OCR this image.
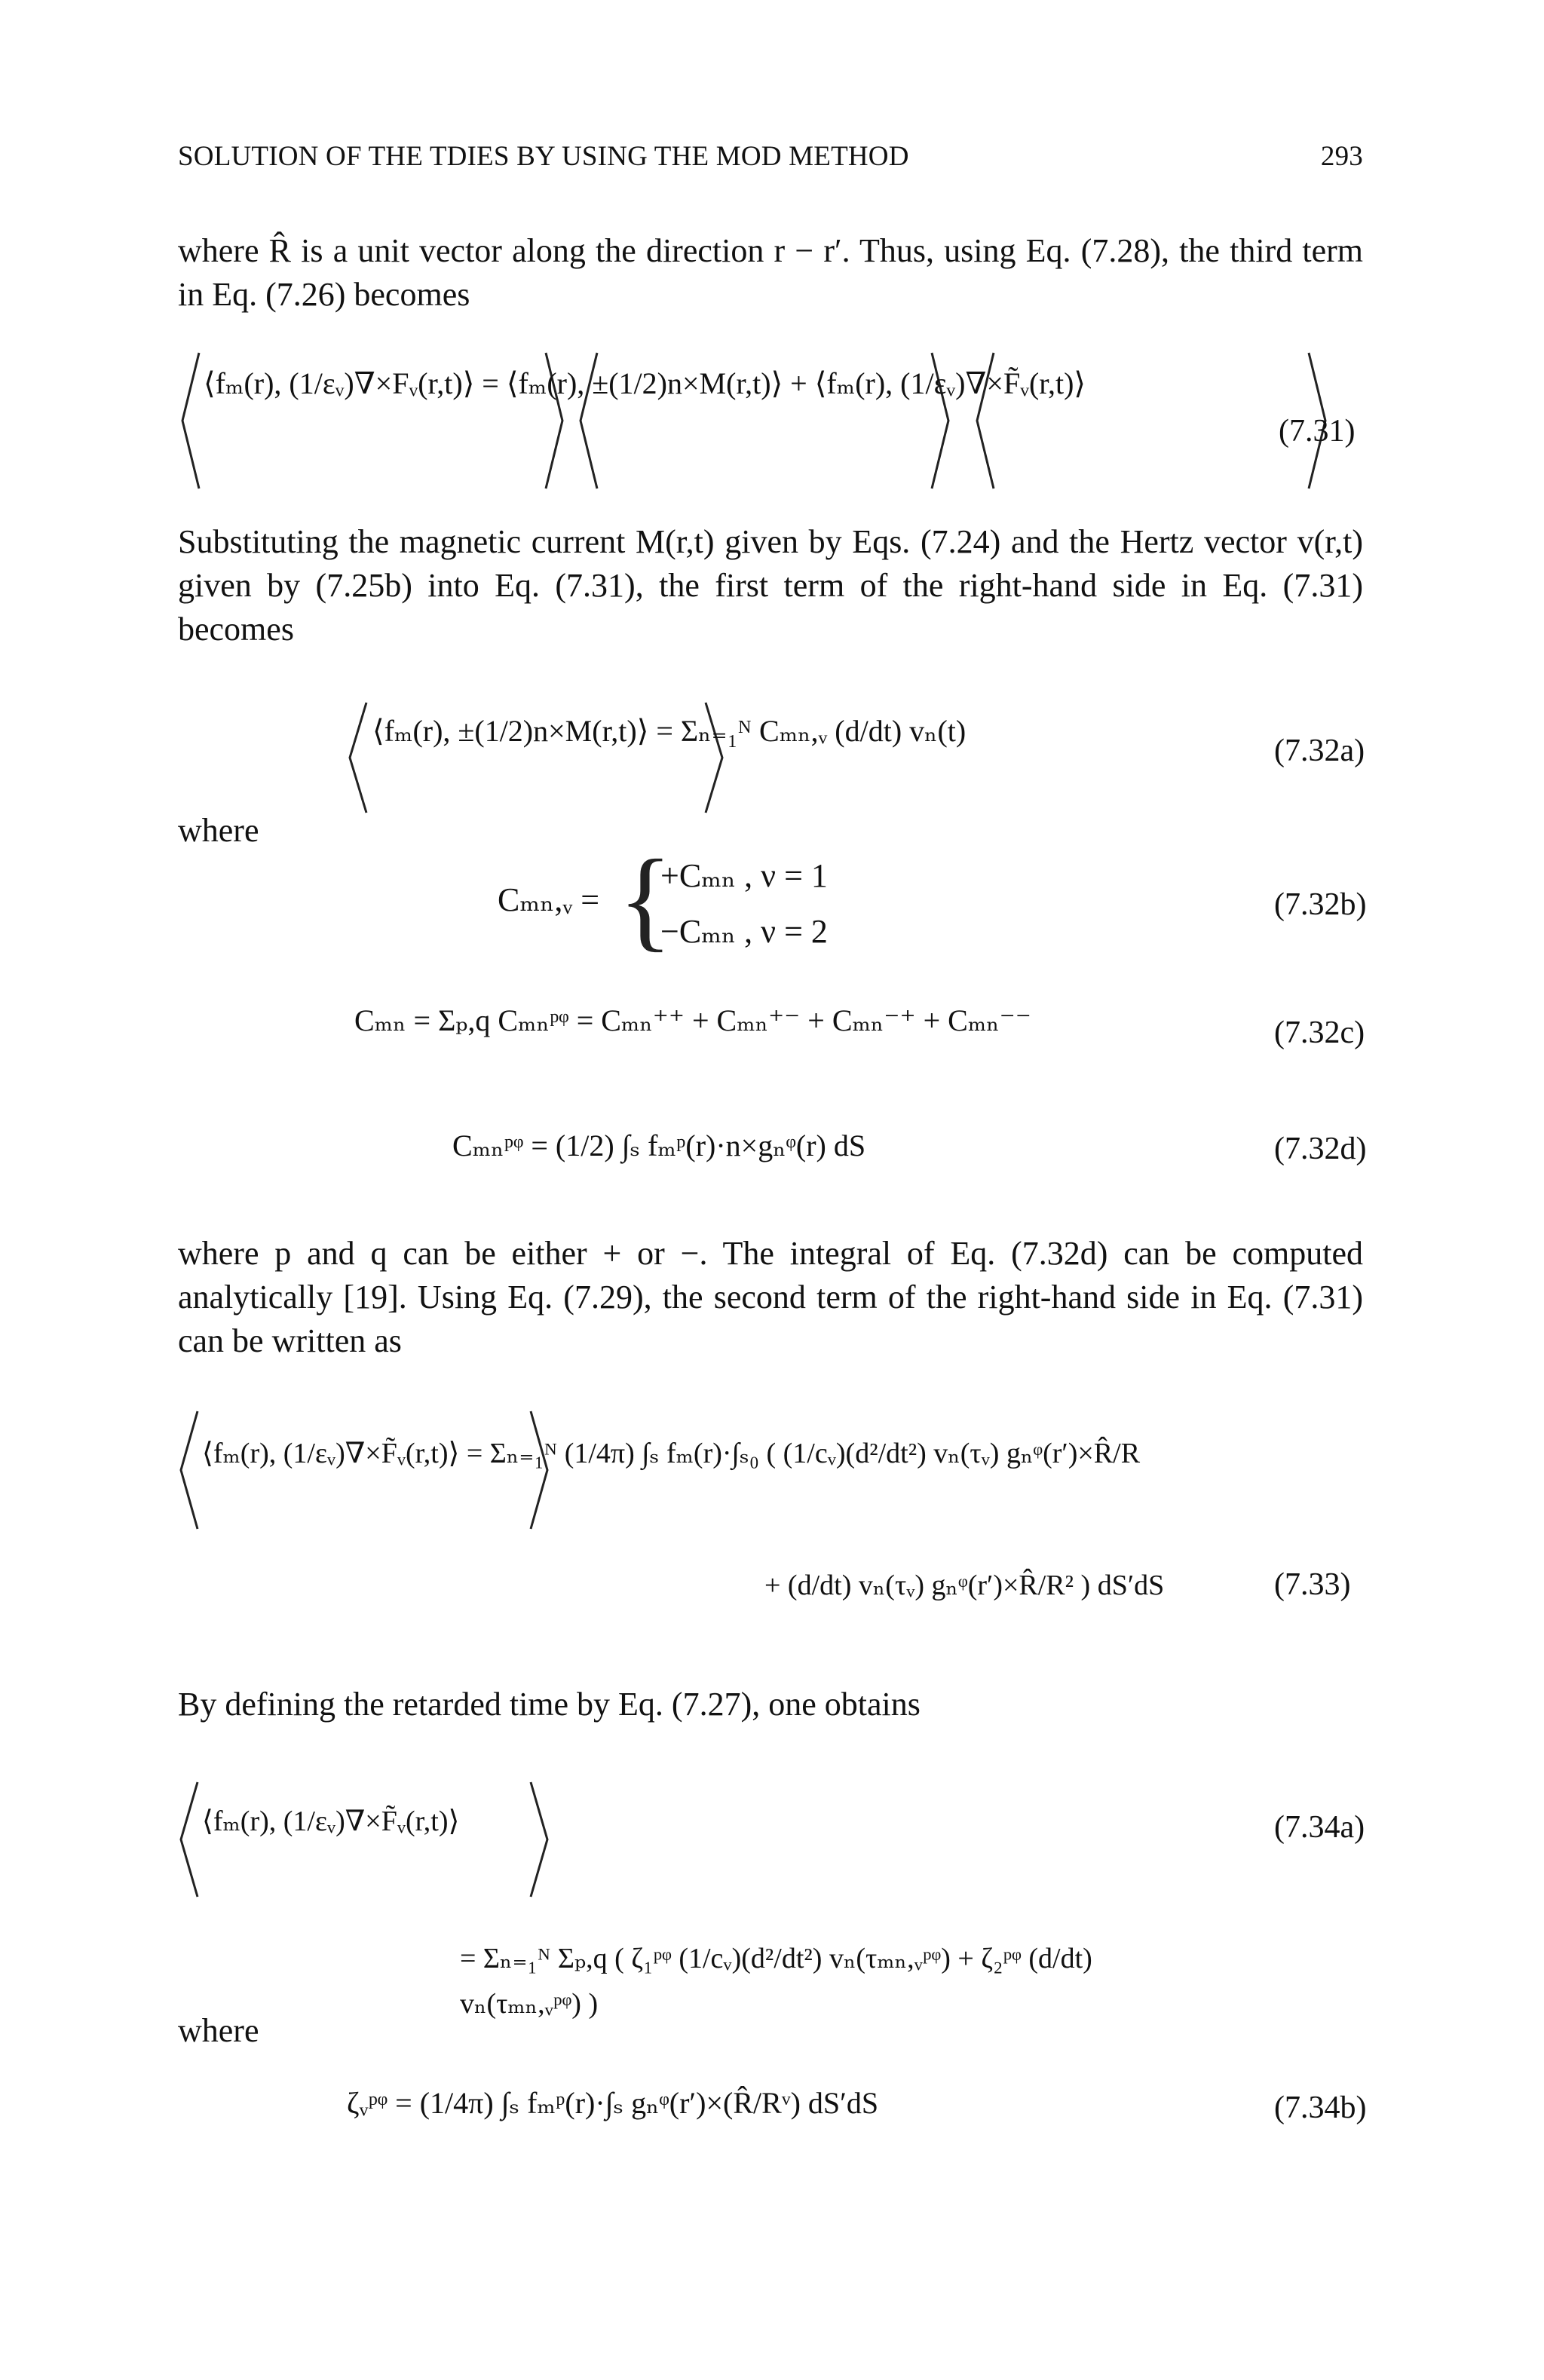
SOLUTION OF THE TDIES BY USING THE MOD METHOD	293
where R̂ is a unit vector along the direction r − r′. Thus, using Eq. (7.28), the third term in Eq. (7.26) becomes
⟨fₘ(r), (1/εᵥ)∇×Fᵥ(r,t)⟩ = ⟨fₘ(r), ±(1/2)n×M(r,t)⟩ + ⟨fₘ(r), (1/εᵥ)∇×F̃ᵥ(r,t)⟩
(7.31)
Substituting the magnetic current M(r,t) given by Eqs. (7.24) and the Hertz vector v(r,t) given by (7.25b) into Eq. (7.31), the first term of the right-hand side in Eq. (7.31) becomes
⟨fₘ(r), ±(1/2)n×M(r,t)⟩ = Σₙ₌₁ᴺ Cₘₙ,ᵥ (d/dt) vₙ(t)
(7.32a)
where
Cₘₙ,ᵥ = {
+Cₘₙ , ν = 1
−Cₘₙ , ν = 2
(7.32b)
Cₘₙ = Σₚ,q Cₘₙᵖᵠ = Cₘₙ⁺⁺ + Cₘₙ⁺⁻ + Cₘₙ⁻⁺ + Cₘₙ⁻⁻	(7.32c)
Cₘₙᵖᵠ = (1/2) ∫ₛ fₘᵖ(r)·n×gₙᵠ(r) dS	(7.32d)
where p and q can be either + or −. The integral of Eq. (7.32d) can be computed analytically [19]. Using Eq. (7.29), the second term of the right-hand side in Eq. (7.31) can be written as
⟨fₘ(r), (1/εᵥ)∇×F̃ᵥ(r,t)⟩ = Σₙ₌₁ᴺ (1/4π) ∫ₛ fₘ(r)·∫ₛ₀ ( (1/cᵥ)(d²/dt²) vₙ(τᵥ) gₙᵠ(r′)×R̂/R
+ (d/dt) vₙ(τᵥ) gₙᵠ(r′)×R̂/R² ) dS′dS	(7.33)
By defining the retarded time by Eq. (7.27), one obtains
⟨fₘ(r), (1/εᵥ)∇×F̃ᵥ(r,t)⟩	(7.34a)
= Σₙ₌₁ᴺ Σₚ,q ( ζ₁ᵖᵠ (1/cᵥ)(d²/dt²) vₙ(τₘₙ,ᵥᵖᵠ) + ζ₂ᵖᵠ (d/dt) vₙ(τₘₙ,ᵥᵖᵠ) )
where
ζᵥᵖᵠ = (1/4π) ∫ₛ fₘᵖ(r)·∫ₛ gₙᵠ(r′)×(R̂/Rᵛ) dS′dS	(7.34b)
